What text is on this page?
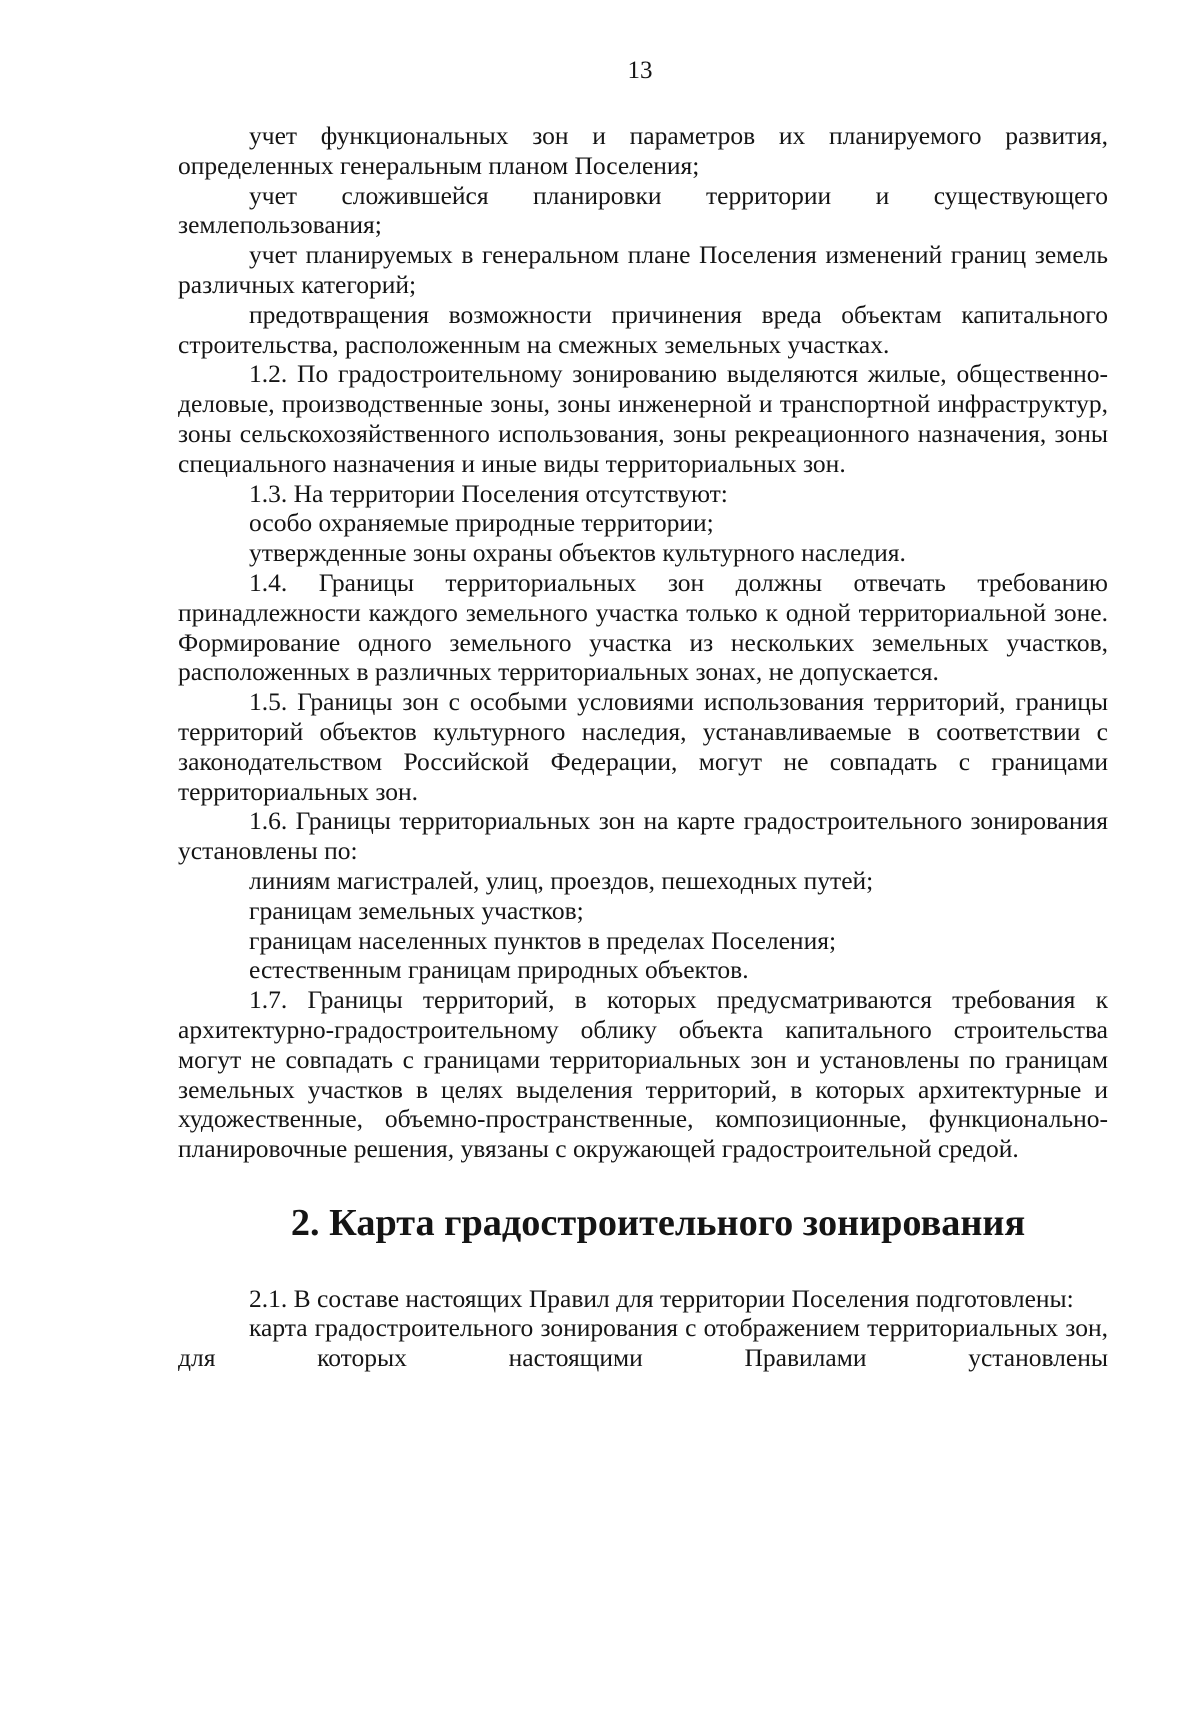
13

учет функциональных зон и параметров их планируемого развития, определенных генеральным планом Поселения;

учет сложившейся планировки территории и существующего землепользования;

учет планируемых в генеральном плане Поселения изменений границ земель различных категорий;

предотвращения возможности причинения вреда объектам капитального строительства, расположенным на смежных земельных участках.

1.2. По градостроительному зонированию выделяются жилые, общественно-деловые, производственные зоны, зоны инженерной и транспортной инфраструктур, зоны сельскохозяйственного использования, зоны рекреационного назначения, зоны специального назначения и иные виды территориальных зон.

1.3. На территории Поселения отсутствуют:

особо охраняемые природные территории;

утвержденные зоны охраны объектов культурного наследия.

1.4. Границы территориальных зон должны отвечать требованию принадлежности каждого земельного участка только к одной территориальной зоне. Формирование одного земельного участка из нескольких земельных участков, расположенных в различных территориальных зонах, не допускается.

1.5. Границы зон с особыми условиями использования территорий, границы территорий объектов культурного наследия, устанавливаемые в соответствии с законодательством Российской Федерации, могут не совпадать с границами территориальных зон.

1.6. Границы территориальных зон на карте градостроительного зонирования установлены по:

линиям магистралей, улиц, проездов, пешеходных путей;

границам земельных участков;

границам населенных пунктов в пределах Поселения;

естественным границам природных объектов.

1.7. Границы территорий, в которых предусматриваются требования к архитектурно-градостроительному облику объекта капитального строительства могут не совпадать с границами территориальных зон и установлены по границам земельных участков в целях выделения территорий, в которых архитектурные и художественные, объемно-пространственные, композиционные, функционально-планировочные решения, увязаны с окружающей градостроительной средой.

2. Карта градостроительного зонирования

2.1. В составе настоящих Правил для территории Поселения подготовлены:

карта градостроительного зонирования с отображением территориальных зон, для которых настоящими Правилами установлены
